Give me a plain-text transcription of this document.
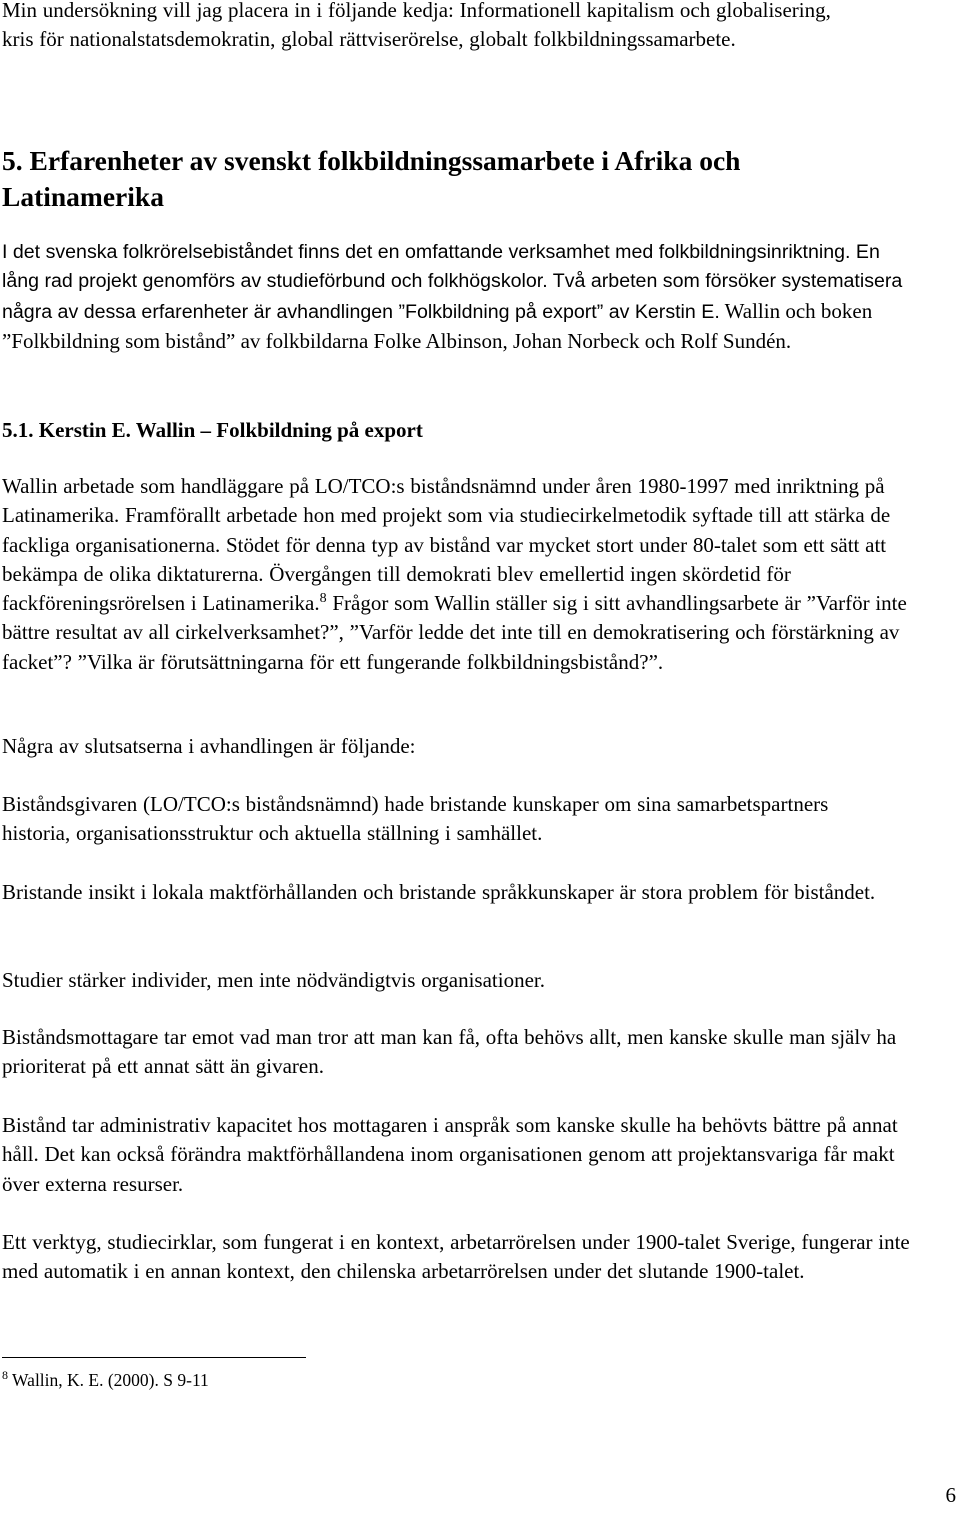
Min undersökning vill jag placera in i följande kedja: Informationell kapitalism och globalisering, kris för nationalstatsdemokratin, global rättviserörelse, globalt folkbildningssamarbete.

5. Erfarenheter av svenskt folkbildningssamarbete i Afrika och Latinamerika

I det svenska folkrörelsebiståndet finns det en omfattande verksamhet med folkbildningsinriktning. En lång rad projekt genomförs av studieförbund och folkhögskolor. Två arbeten som försöker systematisera några av dessa erfarenheter är avhandlingen ”Folkbildning på export” av Kerstin E. Wallin och boken ”Folkbildning som bistånd” av folkbildarna Folke Albinson, Johan Norbeck och Rolf Sundén.

5.1. Kerstin E. Wallin – Folkbildning på export

Wallin arbetade som handläggare på LO/TCO:s biståndsnämnd under åren 1980-1997 med inriktning på Latinamerika. Framförallt arbetade hon med projekt som via studiecirkelmetodik syftade till att stärka de fackliga organisationerna. Stödet för denna typ av bistånd var mycket stort under 80-talet som ett sätt att bekämpa de olika diktaturerna. Övergången till demokrati blev emellertid ingen skördetid för fackföreningsrörelsen i Latinamerika.$^8$ Frågor som Wallin ställer sig i sitt avhandlingsarbete är ”Varför inte bättre resultat av all cirkelverksamhet?”, ”Varför ledde det inte till en demokratisering och förstärkning av facket”? ”Vilka är förutsättningarna för ett fungerande folkbildningsbistånd?”.

Några av slutsatserna i avhandlingen är följande:

Biståndsgivaren (LO/TCO:s biståndsnämnd) hade bristande kunskaper om sina samarbetspartners historia, organisationsstruktur och aktuella ställning i samhället.

Bristande insikt i lokala maktförhållanden och bristande språkkunskaper är stora problem för biståndet.

Studier stärker individer, men inte nödvändigtvis organisationer.

Biståndsmottagare tar emot vad man tror att man kan få, ofta behövs allt, men kanske skulle man själv ha prioriterat på ett annat sätt än givaren.

Bistånd tar administrativ kapacitet hos mottagaren i anspråk som kanske skulle ha behövts bättre på annat håll. Det kan också förändra maktförhållandena inom organisationen genom att projektansvariga får makt över externa resurser.

Ett verktyg, studiecirklar, som fungerat i en kontext, arbetarrörelsen under 1900-talet Sverige, fungerar inte med automatik i en annan kontext, den chilenska arbetarrörelsen under det slutande 1900-talet.

$^8$ Wallin, K. E. (2000). S 9-11

6
